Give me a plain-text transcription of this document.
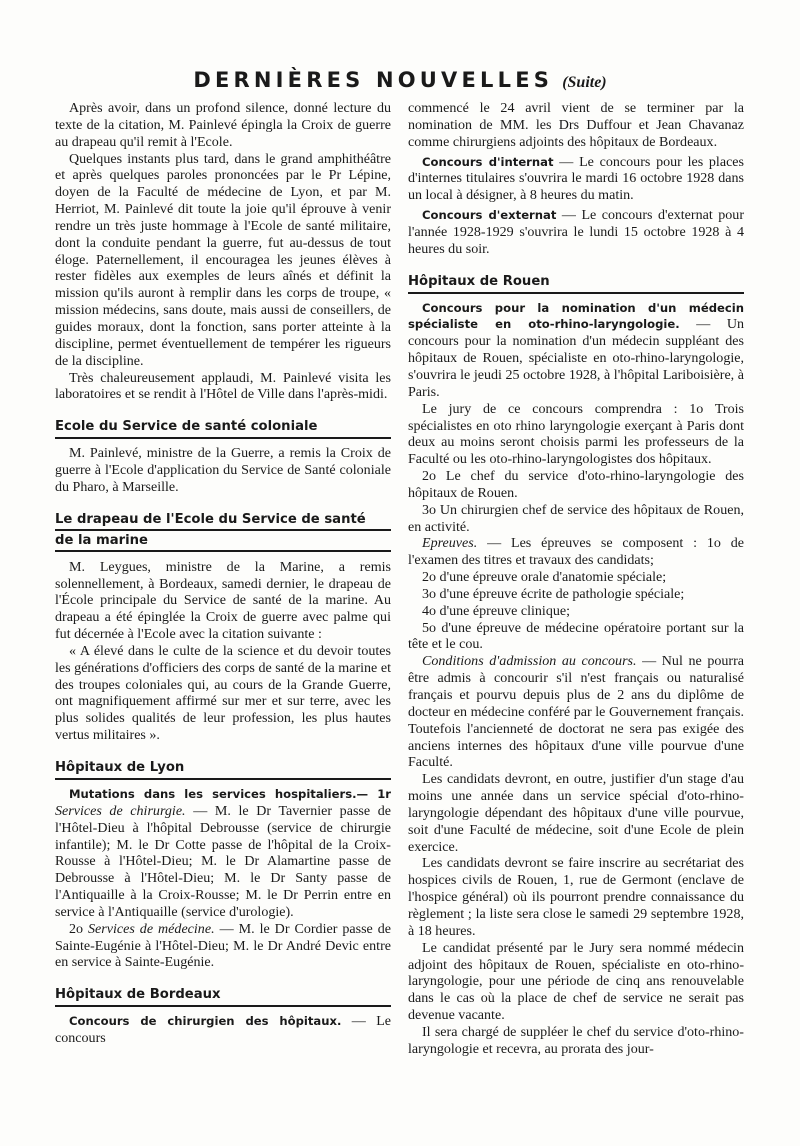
DERNIÈRES NOUVELLES (Suite)

Après avoir, dans un profond silence, donné lecture du texte de la citation, M. Painlevé épingla la Croix de guerre au drapeau qu'il remit à l'Ecole.

Quelques instants plus tard, dans le grand amphithéâtre et après quelques paroles prononcées par le Pr Lépine, doyen de la Faculté de médecine de Lyon, et par M. Herriot, M. Painlevé dit toute la joie qu'il éprouve à venir rendre un très juste hommage à l'Ecole de santé militaire, dont la conduite pendant la guerre, fut au-dessus de tout éloge. Paternellement, il encouragea les jeunes élèves à rester fidèles aux exemples de leurs aînés et définit la mission qu'ils auront à remplir dans les corps de troupe, « mission médecins, sans doute, mais aussi de conseillers, de guides moraux, dont la fonction, sans porter atteinte à la discipline, permet éventuellement de tempérer les rigueurs de la discipline.

Très chaleureusement applaudi, M. Painlevé visita les laboratoires et se rendit à l'Hôtel de Ville dans l'après-midi.

Ecole du Service de santé coloniale

M. Painlevé, ministre de la Guerre, a remis la Croix de guerre à l'Ecole d'application du Service de Santé coloniale du Pharo, à Marseille.

Le drapeau de l'Ecole du Service de santé
de la marine

M. Leygues, ministre de la Marine, a remis solennellement, à Bordeaux, samedi dernier, le drapeau de l'École principale du Service de santé de la marine. Au drapeau a été épinglée la Croix de guerre avec palme qui fut décernée à l'Ecole avec la citation suivante :

« A élevé dans le culte de la science et du devoir toutes les générations d'officiers des corps de santé de la marine et des troupes coloniales qui, au cours de la Grande Guerre, ont magnifiquement affirmé sur mer et sur terre, avec les plus solides qualités de leur profession, les plus hautes vertus militaires ».

Hôpitaux de Lyon

Mutations dans les services hospitaliers.— 1r Services de chirurgie. — M. le Dr Tavernier passe de l'Hôtel-Dieu à l'hôpital Debrousse (service de chirurgie infantile); M. le Dr Cotte passe de l'hôpital de la Croix-Rousse à l'Hôtel-Dieu; M. le Dr Alamartine passe de Debrousse à l'Hôtel-Dieu; M. le Dr Santy passe de l'Antiquaille à la Croix-Rousse; M. le Dr Perrin entre en service à l'Antiquaille (service d'urologie).

2o Services de médecine. — M. le Dr Cordier passe de Sainte-Eugénie à l'Hôtel-Dieu; M. le Dr André Devic entre en service à Sainte-Eugénie.

Hôpitaux de Bordeaux

Concours de chirurgien des hôpitaux. — Le concours

commencé le 24 avril vient de se terminer par la nomination de MM. les Drs Duffour et Jean Chavanaz comme chirurgiens adjoints des hôpitaux de Bordeaux.

Concours d'internat — Le concours pour les places d'internes titulaires s'ouvrira le mardi 16 octobre 1928 dans un local à désigner, à 8 heures du matin.

Concours d'externat — Le concours d'externat pour l'année 1928-1929 s'ouvrira le lundi 15 octobre 1928 à 4 heures du soir.

Hôpitaux de Rouen

Concours pour la nomination d'un médecin spécialiste en oto-rhino-laryngologie. — Un concours pour la nomination d'un médecin suppléant des hôpitaux de Rouen, spécialiste en oto-rhino-laryngologie, s'ouvrira le jeudi 25 octobre 1928, à l'hôpital Lariboisière, à Paris.

Le jury de ce concours comprendra : 1o Trois spécialistes en oto rhino laryngologie exerçant à Paris dont deux au moins seront choisis parmi les professeurs de la Faculté ou les oto-rhino-laryngologistes dos hôpitaux.

2o Le chef du service d'oto-rhino-laryngologie des hôpitaux de Rouen.

3o Un chirurgien chef de service des hôpitaux de Rouen, en activité.

Epreuves. — Les épreuves se composent : 1o de l'examen des titres et travaux des candidats;

2o d'une épreuve orale d'anatomie spéciale;

3o d'une épreuve écrite de pathologie spéciale;

4o d'une épreuve clinique;

5o d'une épreuve de médecine opératoire portant sur la tête et le cou.

Conditions d'admission au concours. — Nul ne pourra être admis à concourir s'il n'est français ou naturalisé français et pourvu depuis plus de 2 ans du diplôme de docteur en médecine conféré par le Gouvernement français. Toutefois l'ancienneté de doctorat ne sera pas exigée des anciens internes des hôpitaux d'une ville pourvue d'une Faculté.

Les candidats devront, en outre, justifier d'un stage d'au moins une année dans un service spécial d'oto-rhino-laryngologie dépendant des hôpitaux d'une ville pourvue, soit d'une Faculté de médecine, soit d'une Ecole de plein exercice.

Les candidats devront se faire inscrire au secrétariat des hospices civils de Rouen, 1, rue de Germont (enclave de l'hospice général) où ils pourront prendre connaissance du règlement ; la liste sera close le samedi 29 septembre 1928, à 18 heures.

Le candidat présenté par le Jury sera nommé médecin adjoint des hôpitaux de Rouen, spécialiste en oto-rhino-laryngologie, pour une période de cinq ans renouvelable dans le cas où la place de chef de service ne serait pas devenue vacante.

Il sera chargé de suppléer le chef du service d'oto-rhino-laryngologie et recevra, au prorata des jour-
